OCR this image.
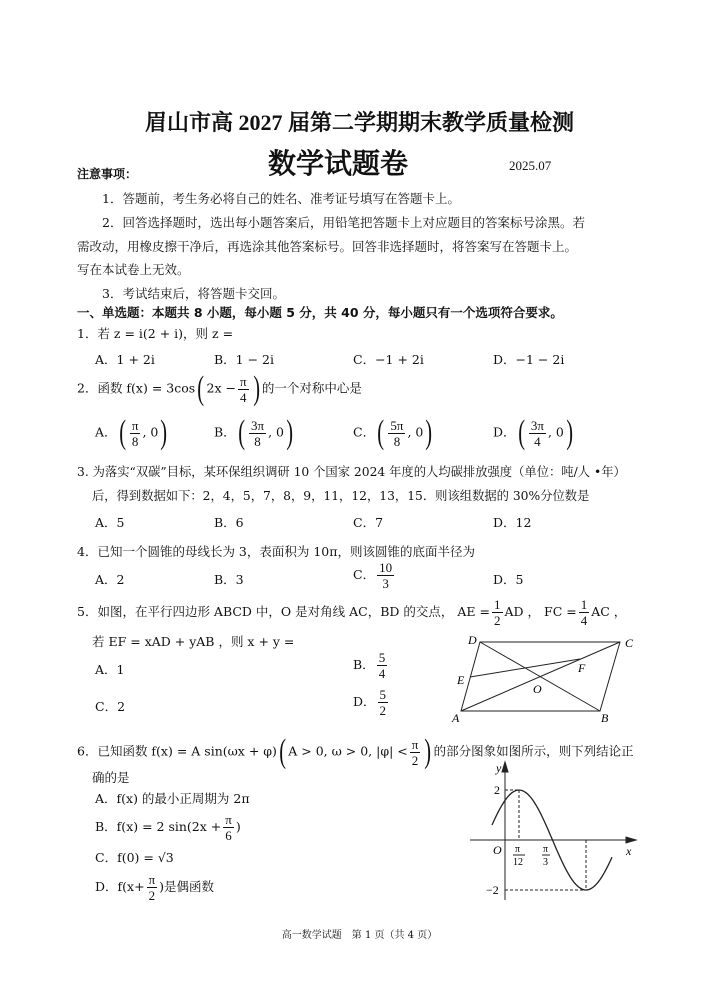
眉山市高 2027 届第二学期期末教学质量检测
数学试题卷	2025.07
注意事项：
1．答题前，考生务必将自己的姓名、准考证号填写在答题卡上。
2．回答选择题时，选出每小题答案后，用铅笔把答题卡上对应题目的答案标号涂黑。若
需改动，用橡皮擦干净后，再选涂其他答案标号。回答非选择题时，将答案写在答题卡上。
写在本试卷上无效。
3．考试结束后，将答题卡交回。
一、单选题：本题共 8 小题，每小题 5 分，共 40 分，每小题只有一个选项符合要求。
1．若 z = i(2 + i)，则 z =
A．1 + 2i	B．1 − 2i	C．−1 + 2i	D．−1 − 2i
2．函数 f(x) = 3cos( $2x - \frac{\pi}{4}$ ) 的一个对称中心是
A．( $\frac{\pi}{8}$ , 0)	B．( $\frac{3\pi}{8}$ , 0)	C．( $\frac{5\pi}{8}$ , 0)	D．( $\frac{3\pi}{4}$ , 0)
3. 为落实“双碳”目标，某环保组织调研 10 个国家 2024 年度的人均碳排放强度（单位：吨/人 •年）
后，得到数据如下：2，4，5，7，8，9，11，12，13，15．则该组数据的 30%分位数是
A．5	B．6	C．7	D．12
4．已知一个圆锥的母线长为 3，表面积为 10π，则该圆锥的底面半径为
A．2	B．3	C． $\frac{10}{3}$	D．5
5．如图，在平行四边形 ABCD 中，O 是对角线 AC，BD 的交点， AE = $\frac{1}{2}$ AD ， FC = $\frac{1}{4}$ AC ，
若 EF = xAD + yAB ，则 x + y =
A．1	B． $\frac{5}{4}$
C．2	D． $\frac{5}{2}$
D	C
E
F
O
A	B
6．已知函数 f(x) = A sin(ωx + φ)( A > 0, ω > 0, $|\varphi| < \frac{\pi}{2}$ ) 的部分图象如图所示，则下列结论正
确的是
A．f(x) 的最小正周期为 2π
B．f(x) = 2 $\sin(2x + \frac{\pi}{6}$ )
C．f(0) = √3
D．$f(x+ \frac{\pi}{2}$ )是偶函数
y
x
O
2
−2
π
12
π
3
高一数学试题　第 1 页（共 4 页）
